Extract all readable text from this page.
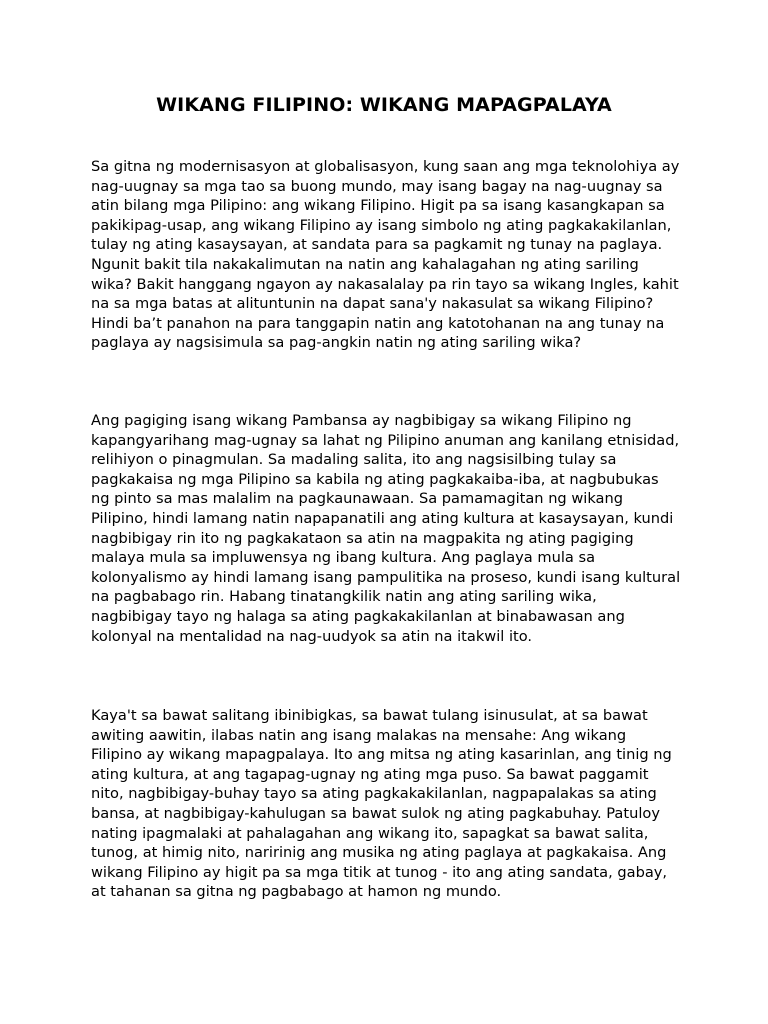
WIKANG FILIPINO: WIKANG MAPAGPALAYA

Sa gitna ng modernisasyon at globalisasyon, kung saan ang mga teknolohiya ay nag-uugnay sa mga tao sa buong mundo, may isang bagay na nag-uugnay sa atin bilang mga Pilipino: ang wikang Filipino. Higit pa sa isang kasangkapan sa pakikipag-usap, ang wikang Filipino ay isang simbolo ng ating pagkakakilanlan, tulay ng ating kasaysayan, at sandata para sa pagkamit ng tunay na paglaya. Ngunit bakit tila nakakalimutan na natin ang kahalagahan ng ating sariling wika? Bakit hanggang ngayon ay nakasalalay pa rin tayo sa wikang Ingles, kahit na sa mga batas at alituntunin na dapat sana'y nakasulat sa wikang Filipino? Hindi ba’t panahon na para tanggapin natin ang katotohanan na ang tunay na paglaya ay nagsisimula sa pag-angkin natin ng ating sariling wika?

Ang pagiging isang wikang Pambansa ay nagbibigay sa wikang Filipino ng kapangyarihang mag-ugnay sa lahat ng Pilipino anuman ang kanilang etnisidad, relihiyon o pinagmulan. Sa madaling salita, ito ang nagsisilbing tulay sa pagkakaisa ng mga Pilipino sa kabila ng ating pagkakaiba-iba, at nagbubukas ng pinto sa mas malalim na pagkaunawaan. Sa pamamagitan ng wikang Pilipino, hindi lamang natin napapanatili ang ating kultura at kasaysayan, kundi nagbibigay rin ito ng pagkakataon sa atin na magpakita ng ating pagiging malaya mula sa impluwensya ng ibang kultura. Ang paglaya mula sa kolonyalismo ay hindi lamang isang pampulitika na proseso, kundi isang kultural na pagbabago rin. Habang tinatangkilik natin ang ating sariling wika, nagbibigay tayo ng halaga sa ating pagkakakilanlan at binabawasan ang kolonyal na mentalidad na nag-uudyok sa atin na itakwil ito.

Kaya't sa bawat salitang ibinibigkas, sa bawat tulang isinusulat, at sa bawat awiting aawitin, ilabas natin ang isang malakas na mensahe: Ang wikang Filipino ay wikang mapagpalaya. Ito ang mitsa ng ating kasarinlan, ang tinig ng ating kultura, at ang tagapag-ugnay ng ating mga puso. Sa bawat paggamit nito, nagbibigay-buhay tayo sa ating pagkakakilanlan, nagpapalakas sa ating bansa, at nagbibigay-kahulugan sa bawat sulok ng ating pagkabuhay. Patuloy nating ipagmalaki at pahalagahan ang wikang ito, sapagkat sa bawat salita, tunog, at himig nito, naririnig ang musika ng ating paglaya at pagkakaisa. Ang wikang Filipino ay higit pa sa mga titik at tunog - ito ang ating sandata, gabay, at tahanan sa gitna ng pagbabago at hamon ng mundo.
